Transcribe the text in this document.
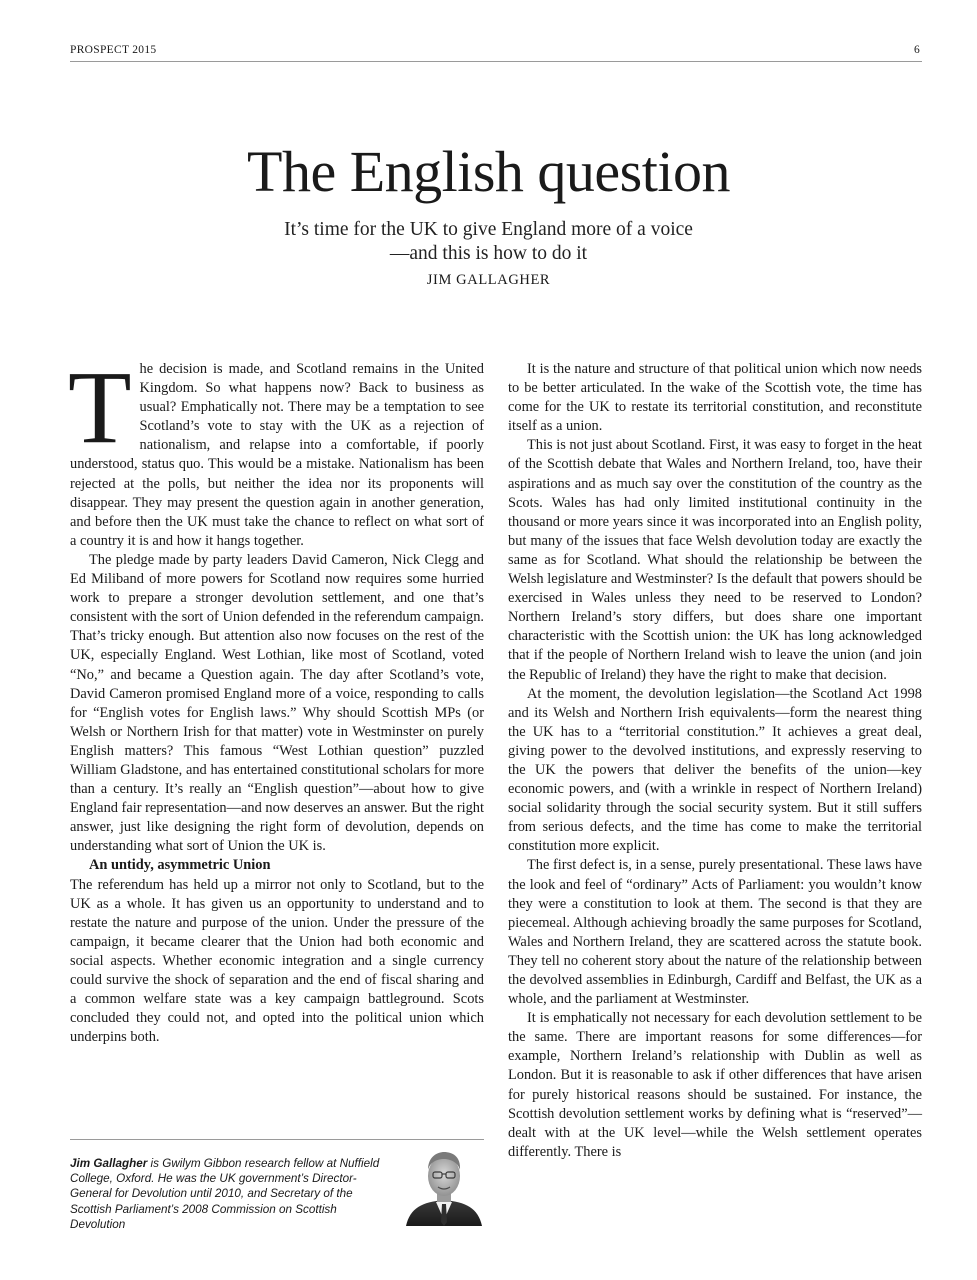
PROSPECT 2015	6
The English question
It’s time for the UK to give England more of a voice
—and this is how to do it
JIM GALLAGHER

The decision is made, and Scotland remains in the United Kingdom. So what happens now? Back to business as usual? Emphatically not. There may be a temptation to see Scotland’s vote to stay with the UK as a rejection of nationalism, and relapse into a comfortable, if poorly understood, status quo. This would be a mistake. Nationalism has been rejected at the polls, but neither the idea nor its proponents will disappear. They may present the question again in another generation, and before then the UK must take the chance to reflect on what sort of a country it is and how it hangs together.

The pledge made by party leaders David Cameron, Nick Clegg and Ed Miliband of more powers for Scotland now requires some hurried work to prepare a stronger devolution settlement, and one that’s consistent with the sort of Union defended in the referendum campaign. That’s tricky enough. But attention also now focuses on the rest of the UK, especially England. West Lothian, like most of Scotland, voted “No,” and became a Question again. The day after Scotland’s vote, David Cameron promised England more of a voice, responding to calls for “English votes for English laws.” Why should Scottish MPs (or Welsh or Northern Irish for that matter) vote in Westminster on purely English matters? This famous “West Lothian question” puzzled William Gladstone, and has entertained constitutional scholars for more than a century. It’s really an “English question”—about how to give England fair representation—and now deserves an answer. But the right answer, just like designing the right form of devolution, depends on understanding what sort of Union the UK is.

An untidy, asymmetric Union

The referendum has held up a mirror not only to Scotland, but to the UK as a whole. It has given us an opportunity to understand and to restate the nature and purpose of the union. Under the pressure of the campaign, it became clearer that the Union had both economic and social aspects. Whether economic integration and a single currency could survive the shock of separation and the end of fiscal sharing and a common welfare state was a key campaign battleground. Scots concluded they could not, and opted into the political union which underpins both.

It is the nature and structure of that political union which now needs to be better articulated. In the wake of the Scottish vote, the time has come for the UK to restate its territorial constitution, and reconstitute itself as a union.

This is not just about Scotland. First, it was easy to forget in the heat of the Scottish debate that Wales and Northern Ireland, too, have their aspirations and as much say over the constitution of the country as the Scots. Wales has had only limited institutional continuity in the thousand or more years since it was incorporated into an English polity, but many of the issues that face Welsh devolution today are exactly the same as for Scotland. What should the relationship be between the Welsh legislature and Westminster? Is the default that powers should be exercised in Wales unless they need to be reserved to London? Northern Ireland’s story differs, but does share one important characteristic with the Scottish union: the UK has long acknowledged that if the people of Northern Ireland wish to leave the union (and join the Republic of Ireland) they have the right to make that decision.

At the moment, the devolution legislation—the Scotland Act 1998 and its Welsh and Northern Irish equivalents—form the nearest thing the UK has to a “territorial constitution.” It achieves a great deal, giving power to the devolved institutions, and expressly reserving to the UK the powers that deliver the benefits of the union—key economic powers, and (with a wrinkle in respect of Northern Ireland) social solidarity through the social security system. But it still suffers from serious defects, and the time has come to make the territorial constitution more explicit.

The first defect is, in a sense, purely presentational. These laws have the look and feel of “ordinary” Acts of Parliament: you wouldn’t know they were a constitution to look at them. The second is that they are piecemeal. Although achieving broadly the same purposes for Scotland, Wales and Northern Ireland, they are scattered across the statute book. They tell no coherent story about the nature of the relationship between the devolved assemblies in Edinburgh, Cardiff and Belfast, the UK as a whole, and the parliament at Westminster.

It is emphatically not necessary for each devolution settlement to be the same. There are important reasons for some differences—for example, Northern Ireland’s relationship with Dublin as well as London. But it is reasonable to ask if other differences that have arisen for purely historical reasons should be sustained. For instance, the Scottish devolution settlement works by defining what is “reserved”—dealt with at the UK level—while the Welsh settlement operates differently. There is

Jim Gallagher is Gwilym Gibbon research fellow at Nuffield College, Oxford. He was the UK government’s Director-General for Devolution until 2010, and Secretary of the Scottish Parliament’s 2008 Commission on Scottish Devolution
